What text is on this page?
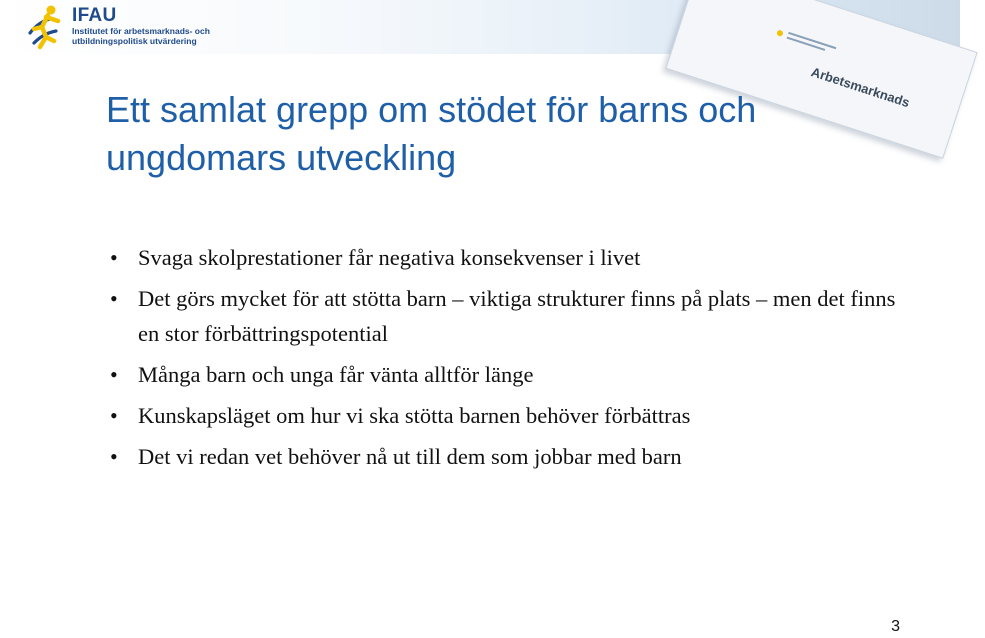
IFAU
Institutet för arbetsmarknads- och
utbildningspolitisk utvärdering
Arbetsmarknads
Ett samlat grepp om stödet för barns och ungdomars utveckling
• Svaga skolprestationer får negativa konsekvenser i livet
• Det görs mycket för att stötta barn – viktiga strukturer finns på plats – men det finns en stor förbättringspotential
• Många barn och unga får vänta alltför länge
• Kunskapsläget om hur vi ska stötta barnen behöver förbättras
• Det vi redan vet behöver nå ut till dem som jobbar med barn
3
